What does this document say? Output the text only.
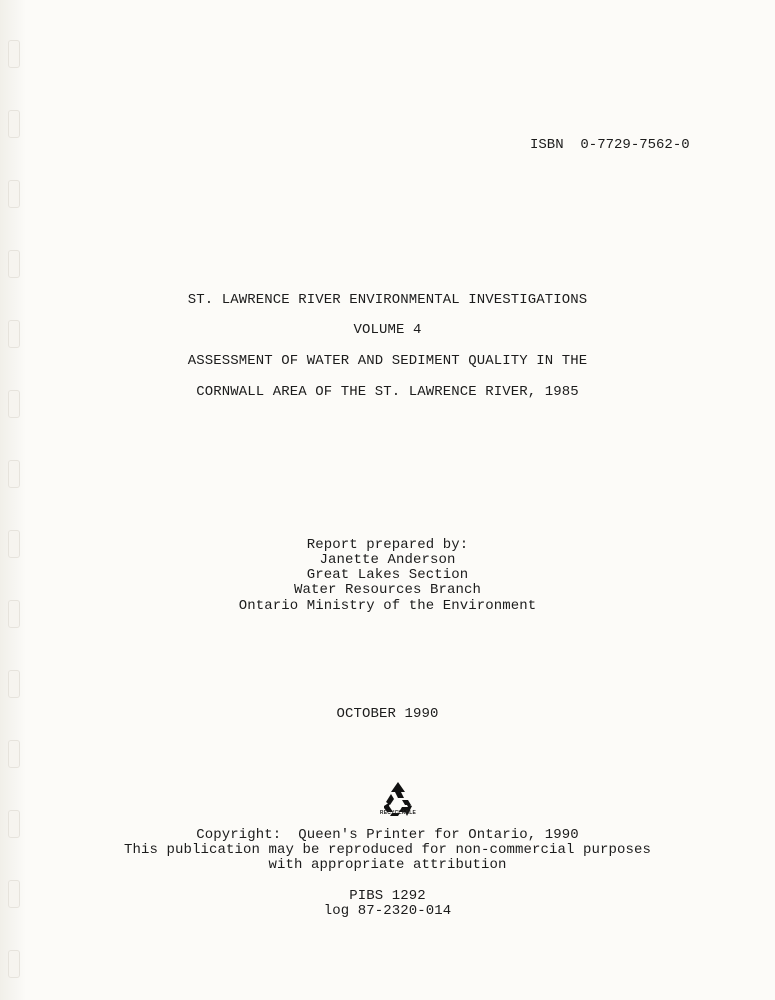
ISBN  0-7729-7562-0
ST. LAWRENCE RIVER ENVIRONMENTAL INVESTIGATIONS
VOLUME 4
ASSESSMENT OF WATER AND SEDIMENT QUALITY IN THE
CORNWALL AREA OF THE ST. LAWRENCE RIVER, 1985
Report prepared by:
Janette Anderson
Great Lakes Section
Water Resources Branch
Ontario Ministry of the Environment
OCTOBER 1990
RECYCLABLE
Copyright:  Queen's Printer for Ontario, 1990
This publication may be reproduced for non-commercial purposes
with appropriate attribution
PIBS 1292
log 87-2320-014
